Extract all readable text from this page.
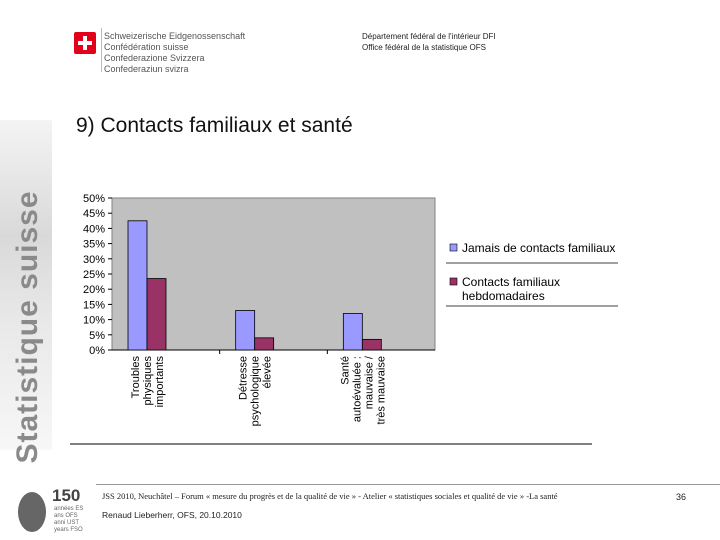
Statistique suisse
Schweizerische Eidgenossenschaft
Confédération suisse
Confederazione Svizzera
Confederaziun svizra
Département fédéral de l'intérieur DFI
Office fédéral de la statistique OFS
9) Contacts familiaux et santé
0%
5%
10%
15%
20%
25%
30%
35%
40%
45%
50%
Troubles physiques importants	Détresse psychologique élevée	Santé autoévaluée : mauvaise / très mauvaise
Jamais de contacts familiaux
Contacts familiaux hebdomadaires
150
années ES
ans OFS
anni UST
years FSO
JSS 2010, Neuchâtel – Forum « mesure du progrès et de la qualité de vie » - Atelier « statistiques sociales et qualité de vie » -La santé
Renaud Lieberherr, OFS, 20.10.2010
36
